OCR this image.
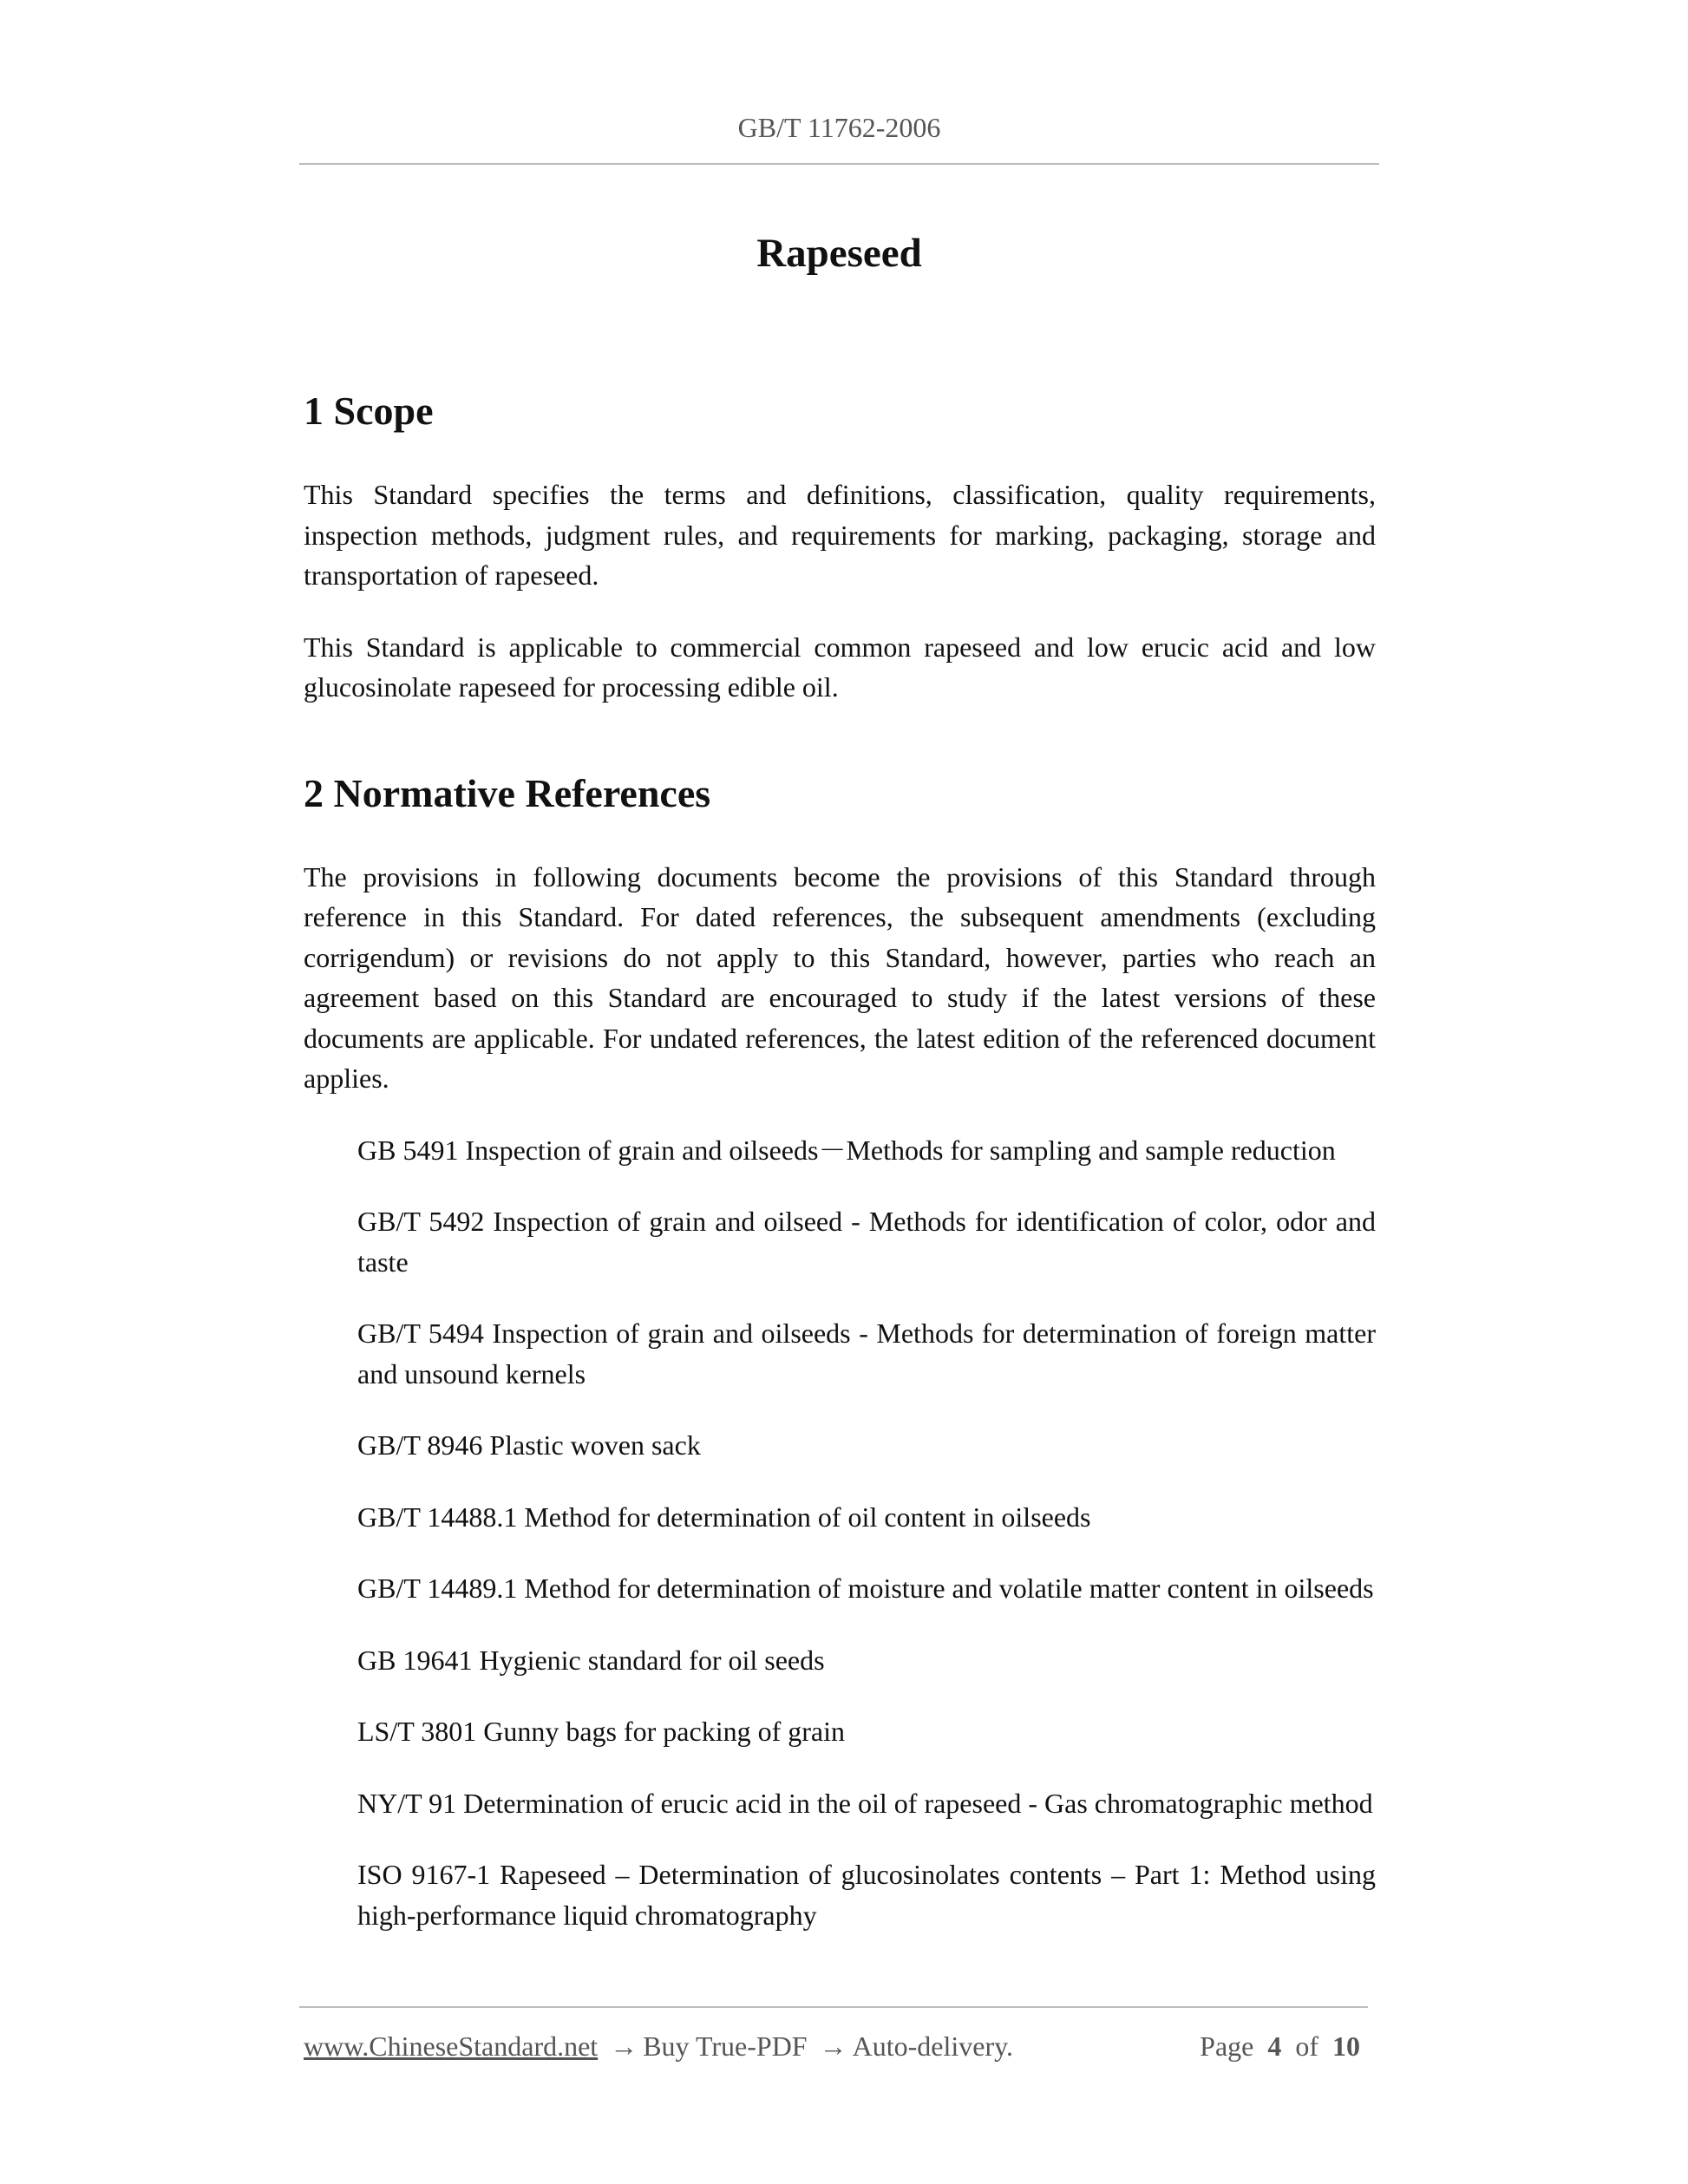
GB/T 11762-2006
Rapeseed
1 Scope

This Standard specifies the terms and definitions, classification, quality requirements, inspection methods, judgment rules, and requirements for marking, packaging, storage and transportation of rapeseed.

This Standard is applicable to commercial common rapeseed and low erucic acid and low glucosinolate rapeseed for processing edible oil.

2 Normative References

The provisions in following documents become the provisions of this Standard through reference in this Standard. For dated references, the subsequent amendments (excluding corrigendum) or revisions do not apply to this Standard, however, parties who reach an agreement based on this Standard are encouraged to study if the latest versions of these documents are applicable. For undated references, the latest edition of the referenced document applies.

GB 5491 Inspection of grain and oilseeds－Methods for sampling and sample reduction
GB/T 5492 Inspection of grain and oilseed - Methods for identification of color, odor and taste
GB/T 5494 Inspection of grain and oilseeds - Methods for determination of foreign matter and unsound kernels
GB/T 8946 Plastic woven sack
GB/T 14488.1 Method for determination of oil content in oilseeds
GB/T 14489.1 Method for determination of moisture and volatile matter content in oilseeds
GB 19641 Hygienic standard for oil seeds
LS/T 3801 Gunny bags for packing of grain
NY/T 91 Determination of erucic acid in the oil of rapeseed - Gas chromatographic method
ISO 9167-1 Rapeseed – Determination of glucosinolates contents – Part 1: Method using high-performance liquid chromatography
www.ChineseStandard.net → Buy True-PDF → Auto-delivery.	Page 4 of 10
